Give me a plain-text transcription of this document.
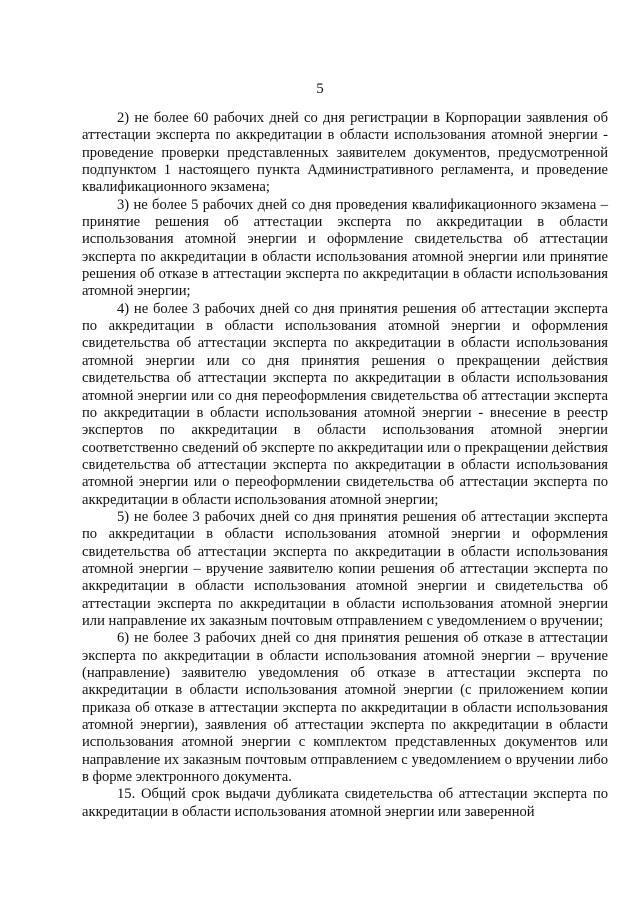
5

2) не более 60 рабочих дней со дня регистрации в Корпорации заявления об аттестации эксперта по аккредитации в области использования атомной энергии - проведение проверки представленных заявителем документов, предусмотренной подпунктом 1 настоящего пункта Административного регламента, и проведение квалификационного экзамена;

3) не более 5 рабочих дней со дня проведения квалификационного экзамена – принятие решения об аттестации эксперта по аккредитации в области использования атомной энергии и оформление свидетельства об аттестации эксперта по аккредитации в области использования атомной энергии или принятие решения об отказе в аттестации эксперта по аккредитации в области использования атомной энергии;

4) не более 3 рабочих дней со дня принятия решения об аттестации эксперта по аккредитации в области использования атомной энергии и оформления свидетельства об аттестации эксперта по аккредитации в области использования атомной энергии или со дня принятия решения о прекращении действия свидетельства об аттестации эксперта по аккредитации в области использования атомной энергии или со дня переоформления свидетельства об аттестации эксперта по аккредитации в области использования атомной энергии - внесение в реестр экспертов по аккредитации в области использования атомной энергии соответственно сведений об эксперте по аккредитации или о прекращении действия свидетельства об аттестации эксперта по аккредитации в области использования атомной энергии или о переоформлении свидетельства об аттестации эксперта по аккредитации в области использования атомной энергии;

5) не более 3 рабочих дней со дня принятия решения об аттестации эксперта по аккредитации в области использования атомной энергии и оформления свидетельства об аттестации эксперта по аккредитации в области использования атомной энергии – вручение заявителю копии решения об аттестации эксперта по аккредитации в области использования атомной энергии и свидетельства об аттестации эксперта по аккредитации в области использования атомной энергии или направление их заказным почтовым отправлением с уведомлением о вручении;

6) не более 3 рабочих дней со дня принятия решения об отказе в аттестации эксперта по аккредитации в области использования атомной энергии – вручение (направление) заявителю уведомления об отказе в аттестации эксперта по аккредитации в области использования атомной энергии (с приложением копии приказа об отказе в аттестации эксперта по аккредитации в области использования атомной энергии), заявления об аттестации эксперта по аккредитации в области использования атомной энергии с комплектом представленных документов или направление их заказным почтовым отправлением с уведомлением о вручении либо в форме электронного документа.

15. Общий срок выдачи дубликата свидетельства об аттестации эксперта по аккредитации в области использования атомной энергии или заверенной
